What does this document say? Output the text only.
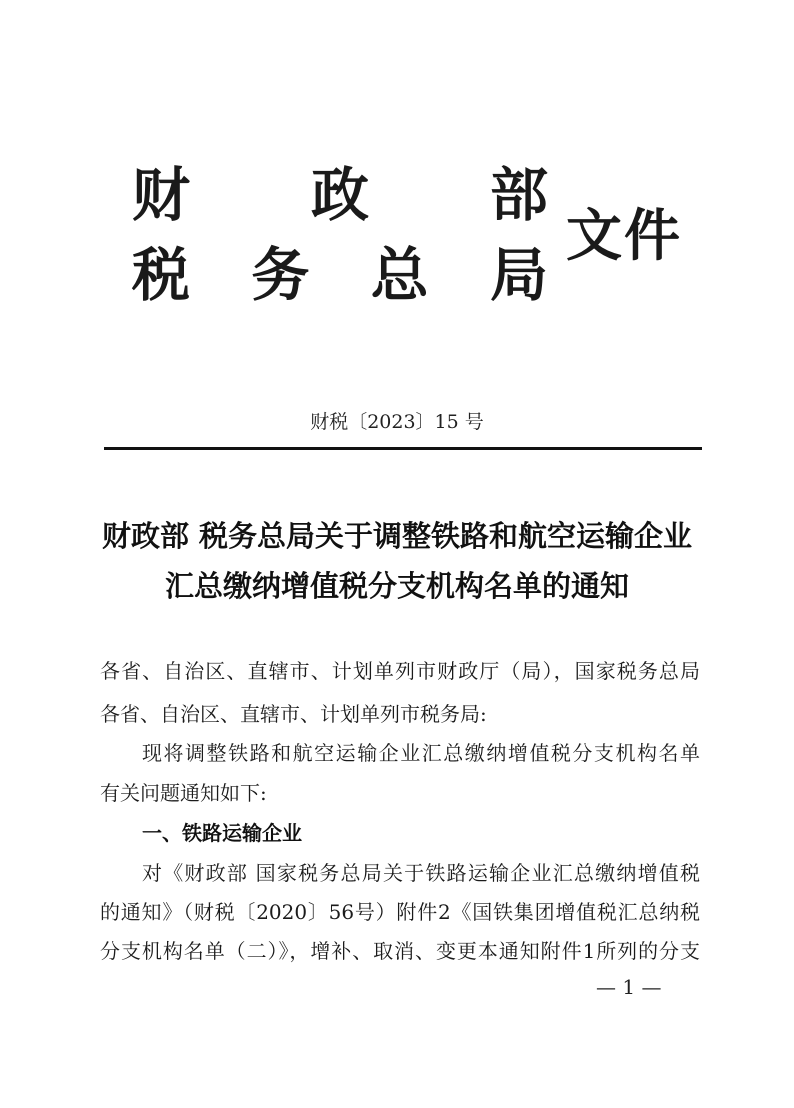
财 政 部
税 务 总 局
文件
财税〔2023〕15 号
财政部 税务总局关于调整铁路和航空运输企业
汇总缴纳增值税分支机构名单的通知
各省、自治区、直辖市、计划单列市财政厅（局），国家税务总局
各省、自治区、直辖市、计划单列市税务局:
现将调整铁路和航空运输企业汇总缴纳增值税分支机构名单
有关问题通知如下:
一、铁路运输企业
对《财政部 国家税务总局关于铁路运输企业汇总缴纳增值税
的通知》（财税〔2020〕56号）附件2《国铁集团增值税汇总纳税
分支机构名单（二）》，增补、取消、变更本通知附件1所列的分支
— 1 —
